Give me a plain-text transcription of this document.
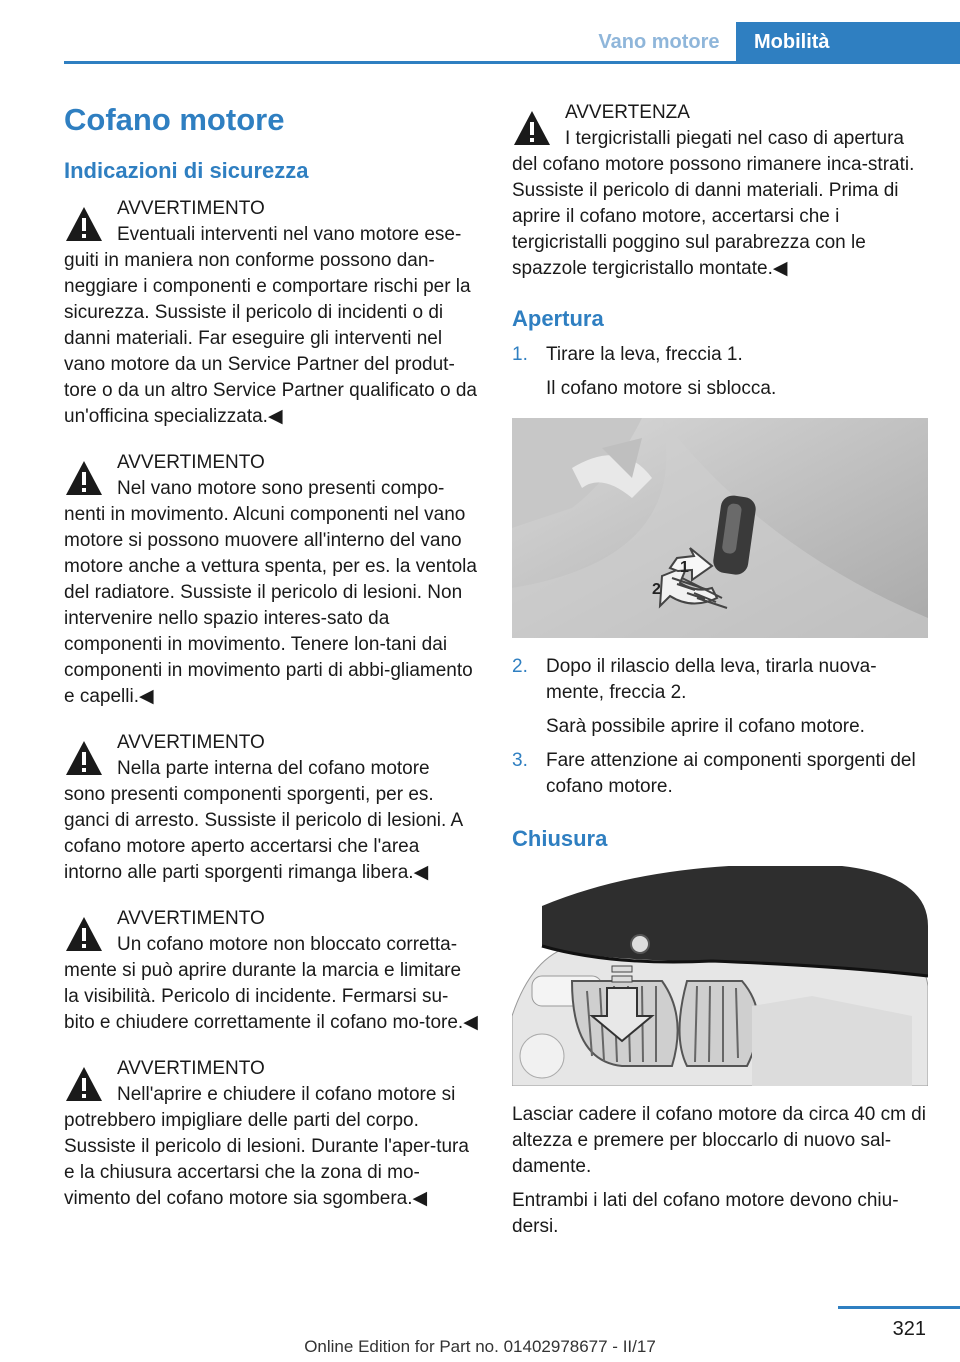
Vano motore	Mobilità
Cofano motore
Indicazioni di sicurezza
AVVERTIMENTO
Eventuali interventi nel vano motore ese-

guiti in maniera non conforme possono dan-neggiare i componenti e comportare rischi per la sicurezza. Sussiste il pericolo di incidenti o di danni materiali. Far eseguire gli interventi nel vano motore da un Service Partner del produt-tore o da un altro Service Partner qualificato o da un'officina specializzata.◀

AVVERTIMENTO
Nel vano motore sono presenti compo-

nenti in movimento. Alcuni componenti nel vano motore si possono muovere all'interno del vano motore anche a vettura spenta, per es. la ventola del radiatore. Sussiste il pericolo di lesioni. Non intervenire nello spazio interes-sato da componenti in movimento. Tenere lon-tani dai componenti in movimento parti di abbi-gliamento e capelli.◀

AVVERTIMENTO
Nella parte interna del cofano motore

sono presenti componenti sporgenti, per es. ganci di arresto. Sussiste il pericolo di lesioni. A cofano motore aperto accertarsi che l'area intorno alle parti sporgenti rimanga libera.◀

AVVERTIMENTO
Un cofano motore non bloccato corretta-

mente si può aprire durante la marcia e limitare la visibilità. Pericolo di incidente. Fermarsi su-bito e chiudere correttamente il cofano mo-tore.◀

AVVERTIMENTO
Nell'aprire e chiudere il cofano motore si

potrebbero impigliare delle parti del corpo. Sussiste il pericolo di lesioni. Durante l'aper-tura e la chiusura accertarsi che la zona di mo-vimento del cofano motore sia sgombera.◀

AVVERTENZA
I tergicristalli piegati nel caso di apertura

del cofano motore possono rimanere inca-strati. Sussiste il pericolo di danni materiali. Prima di aprire il cofano motore, accertarsi che i tergicristalli poggino sul parabrezza con le spazzole tergicristallo montate.◀

Apertura
1. Tirare la leva, freccia 1.
Il cofano motore si sblocca.
2
1
2. Dopo il rilascio della leva, tirarla nuova-mente, freccia 2.
Sarà possibile aprire il cofano motore.
3. Fare attenzione ai componenti sporgenti del cofano motore.
Chiusura

Lasciar cadere il cofano motore da circa 40 cm di altezza e premere per bloccarlo di nuovo sal-damente.

Entrambi i lati del cofano motore devono chiu-dersi.

321
Online Edition for Part no. 01402978677 - II/17
